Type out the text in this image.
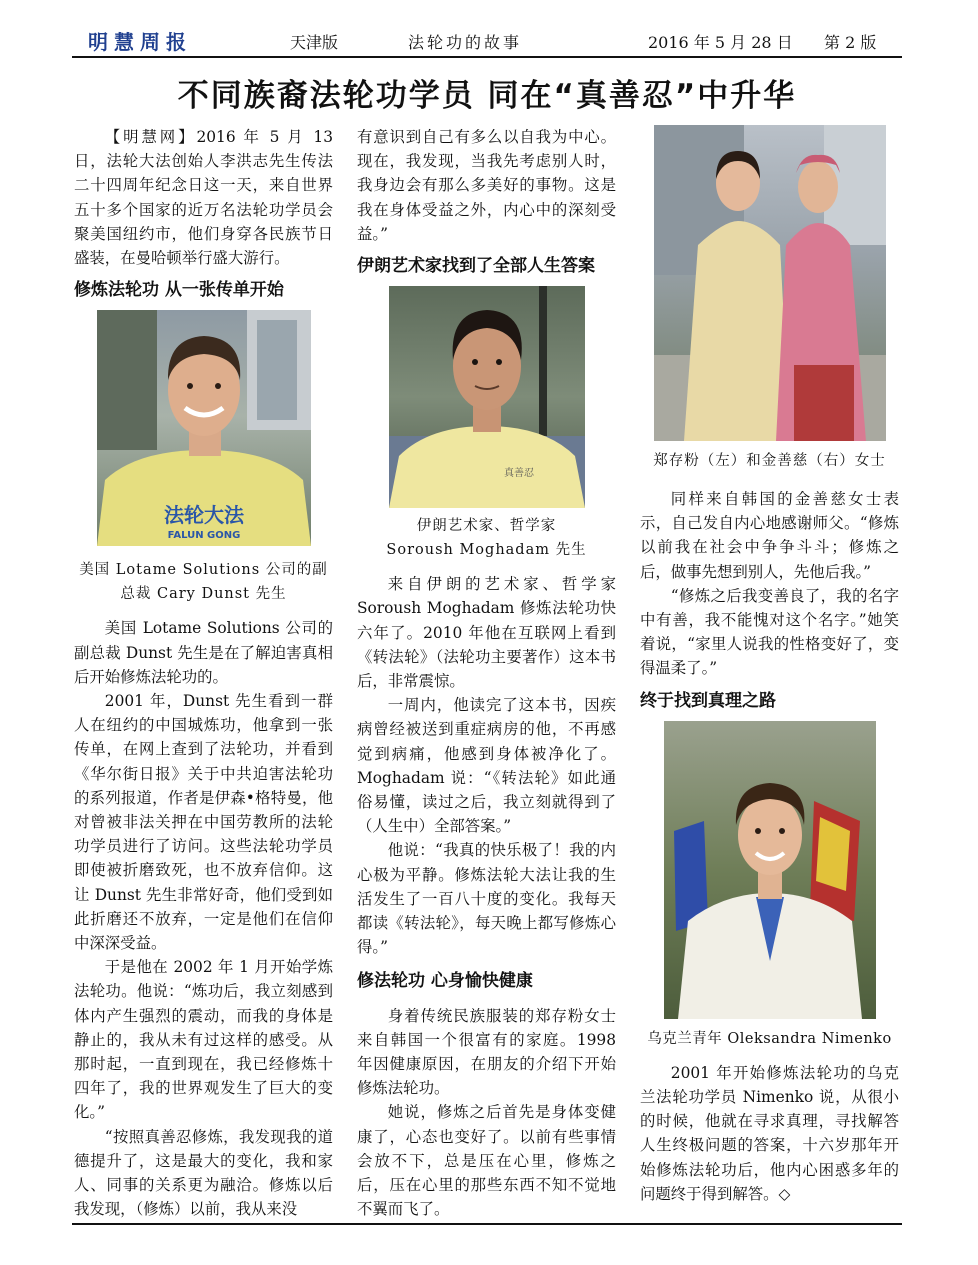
明慧周报	天津版	法轮功的故事	2016 年 5 月 28 日 第 2 版
不同族裔法轮功学员 同在“真善忍”中升华

【明慧网】2016 年 5 月 13 日，法轮大法创始人李洪志先生传法二十四周年纪念日这一天，来自世界五十多个国家的近万名法轮功学员会聚美国纽约市，他们身穿各民族节日盛装，在曼哈顿举行盛大游行。

修炼法轮功 从一张传单开始
法轮大法
FALUN GONG
美国 Lotame Solutions 公司的副总裁 Cary Dunst 先生

美国 Lotame Solutions 公司的副总裁 Dunst 先生是在了解迫害真相后开始修炼法轮功的。

2001 年，Dunst 先生看到一群人在纽约的中国城炼功，他拿到一张传单，在网上查到了法轮功，并看到《华尔街日报》关于中共迫害法轮功的系列报道，作者是伊森•格特曼，他对曾被非法关押在中国劳教所的法轮功学员进行了访问。这些法轮功学员即使被折磨致死，也不放弃信仰。这让 Dunst 先生非常好奇，他们受到如此折磨还不放弃，一定是他们在信仰中深深受益。

于是他在 2002 年 1 月开始学炼法轮功。他说：“炼功后，我立刻感到体内产生强烈的震动，而我的身体是静止的，我从未有过这样的感受。从那时起，一直到现在，我已经修炼十四年了，我的世界观发生了巨大的变化。”

“按照真善忍修炼，我发现我的道德提升了，这是最大的变化，我和家人、同事的关系更为融洽。修炼以后我发现，（修炼）以前，我从来没

有意识到自己有多么以自我为中心。现在，我发现，当我先考虑别人时，我身边会有那么多美好的事物。这是我在身体受益之外，内心中的深刻受益。”

伊朗艺术家找到了全部人生答案
真善忍
伊朗艺术家、哲学家
Soroush Moghadam 先生

来自伊朗的艺术家、哲学家 Soroush Moghadam 修炼法轮功快六年了。2010 年他在互联网上看到《转法轮》（法轮功主要著作）这本书后，非常震惊。

一周内，他读完了这本书，因疾病曾经被送到重症病房的他，不再感觉到病痛，他感到身体被净化了。Moghadam 说：“《转法轮》如此通俗易懂，读过之后，我立刻就得到了（人生中）全部答案。”

他说：“我真的快乐极了！我的内心极为平静。修炼法轮大法让我的生活发生了一百八十度的变化。我每天都读《转法轮》，每天晚上都写修炼心得。”

修法轮功 心身愉快健康

身着传统民族服装的郑存粉女士来自韩国一个很富有的家庭。1998 年因健康原因，在朋友的介绍下开始修炼法轮功。

她说，修炼之后首先是身体变健康了，心态也变好了。以前有些事情会放不下，总是压在心里，修炼之后，压在心里的那些东西不知不觉地不翼而飞了。

郑存粉（左）和金善慈（右）女士

同样来自韩国的金善慈女士表示，自己发自内心地感谢师父。“修炼以前我在社会中争争斗斗；修炼之后，做事先想到别人，先他后我。”

“修炼之后我变善良了，我的名字中有善，我不能愧对这个名字。”她笑着说，“家里人说我的性格变好了，变得温柔了。”

终于找到真理之路
乌克兰青年 Oleksandra Nimenko

2001 年开始修炼法轮功的乌克兰法轮功学员 Nimenko 说，从很小的时候，他就在寻求真理，寻找解答人生终极问题的答案，十六岁那年开始修炼法轮功后，他内心困惑多年的问题终于得到解答。◇
